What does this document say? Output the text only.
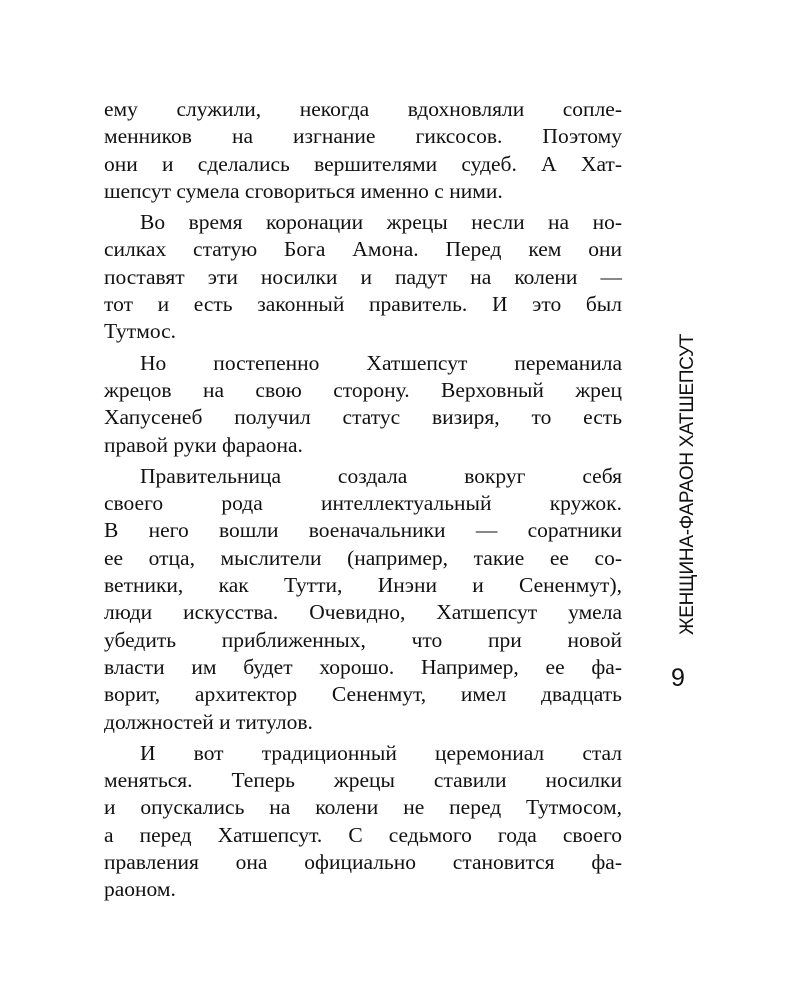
ему служили, некогда вдохновляли сопле-
менников на изгнание гиксосов. Поэтому
они и сделались вершителями судеб. А Хат-
шепсут сумела сговориться именно с ними.
Во время коронации жрецы несли на но-
силках статую Бога Амона. Перед кем они
поставят эти носилки и падут на колени —
тот и есть законный правитель. И это был
Тутмос.
Но постепенно Хатшепсут переманила
жрецов на свою сторону. Верховный жрец
Хапусенеб получил статус визиря, то есть
правой руки фараона.
Правительница создала вокруг себя
своего рода интеллектуальный кружок.
В него вошли военачальники — соратники
ее отца, мыслители (например, такие ее со-
ветники, как Тутти, Инэни и Сененмут),
люди искусства. Очевидно, Хатшепсут умела
убедить приближенных, что при новой
власти им будет хорошо. Например, ее фа-
ворит, архитектор Сененмут, имел двадцать
должностей и титулов.
И вот традиционный церемониал стал
меняться. Теперь жрецы ставили носилки
и опускались на колени не перед Тутмосом,
а перед Хатшепсут. С седьмого года своего
правления она официально становится фа-
раоном.
ЖЕНЩИНА-ФАРАОН ХАТШЕПСУТ
9
